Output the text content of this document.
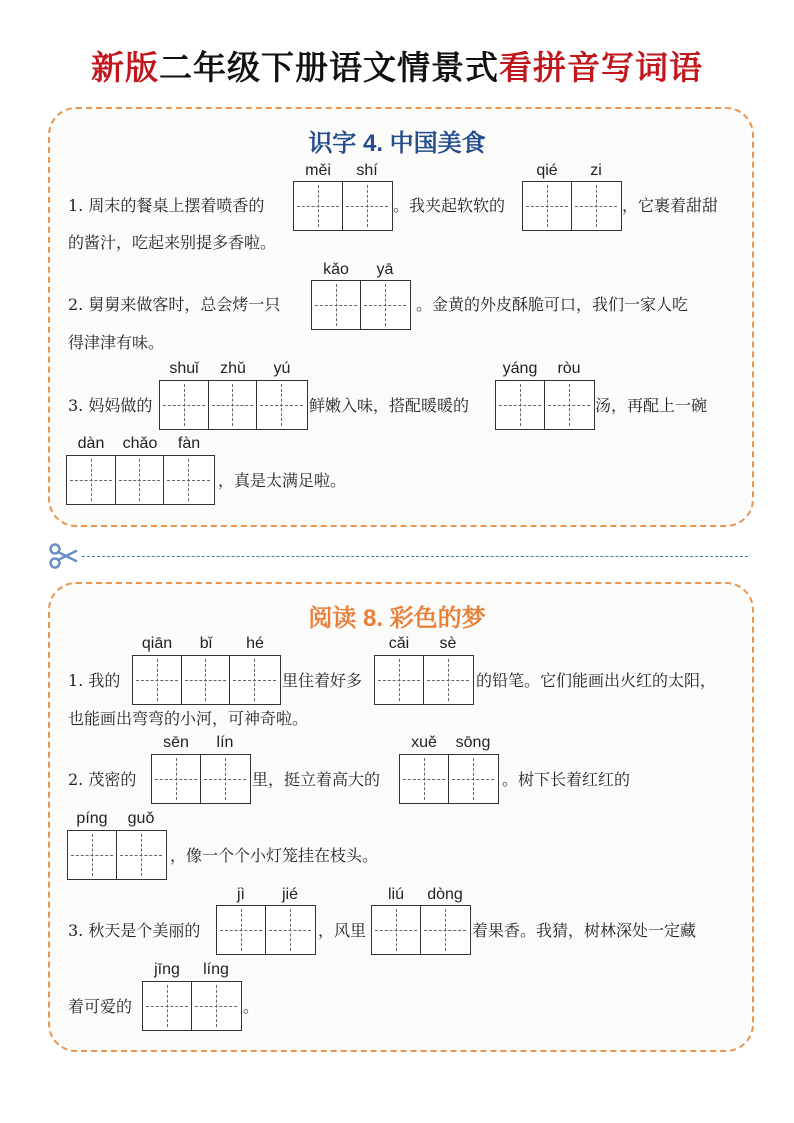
新版二年级下册语文情景式看拼音写词语
识字 4. 中国美食
měi	shí	qié	zi
1. 周末的餐桌上摆着喷香的	。我夹起软软的	，它裹着甜甜
的酱汁，吃起来别提多香啦。
kǎo	yā
2. 舅舅来做客时，总会烤一只	。金黄的外皮酥脆可口，我们一家人吃
得津津有味。
shuǐ	zhǔ	yú	yáng	ròu
3. 妈妈做的	鲜嫩入味，搭配暖暖的	汤，再配上一碗
dàn	chǎo	fàn
，真是太满足啦。
阅读 8. 彩色的梦
qiān	bǐ	hé	cǎi	sè
1. 我的	里住着好多	的铅笔。它们能画出火红的太阳，
也能画出弯弯的小河，可神奇啦。
sēn	lín	xuě	sōng
2. 茂密的	里，挺立着高大的	。树下长着红红的
píng	guǒ
，像一个个小灯笼挂在枝头。
jì	jié	liú	dòng
3. 秋天是个美丽的	，风里	着果香。我猜，树林深处一定藏
jīng	líng
着可爱的	。
